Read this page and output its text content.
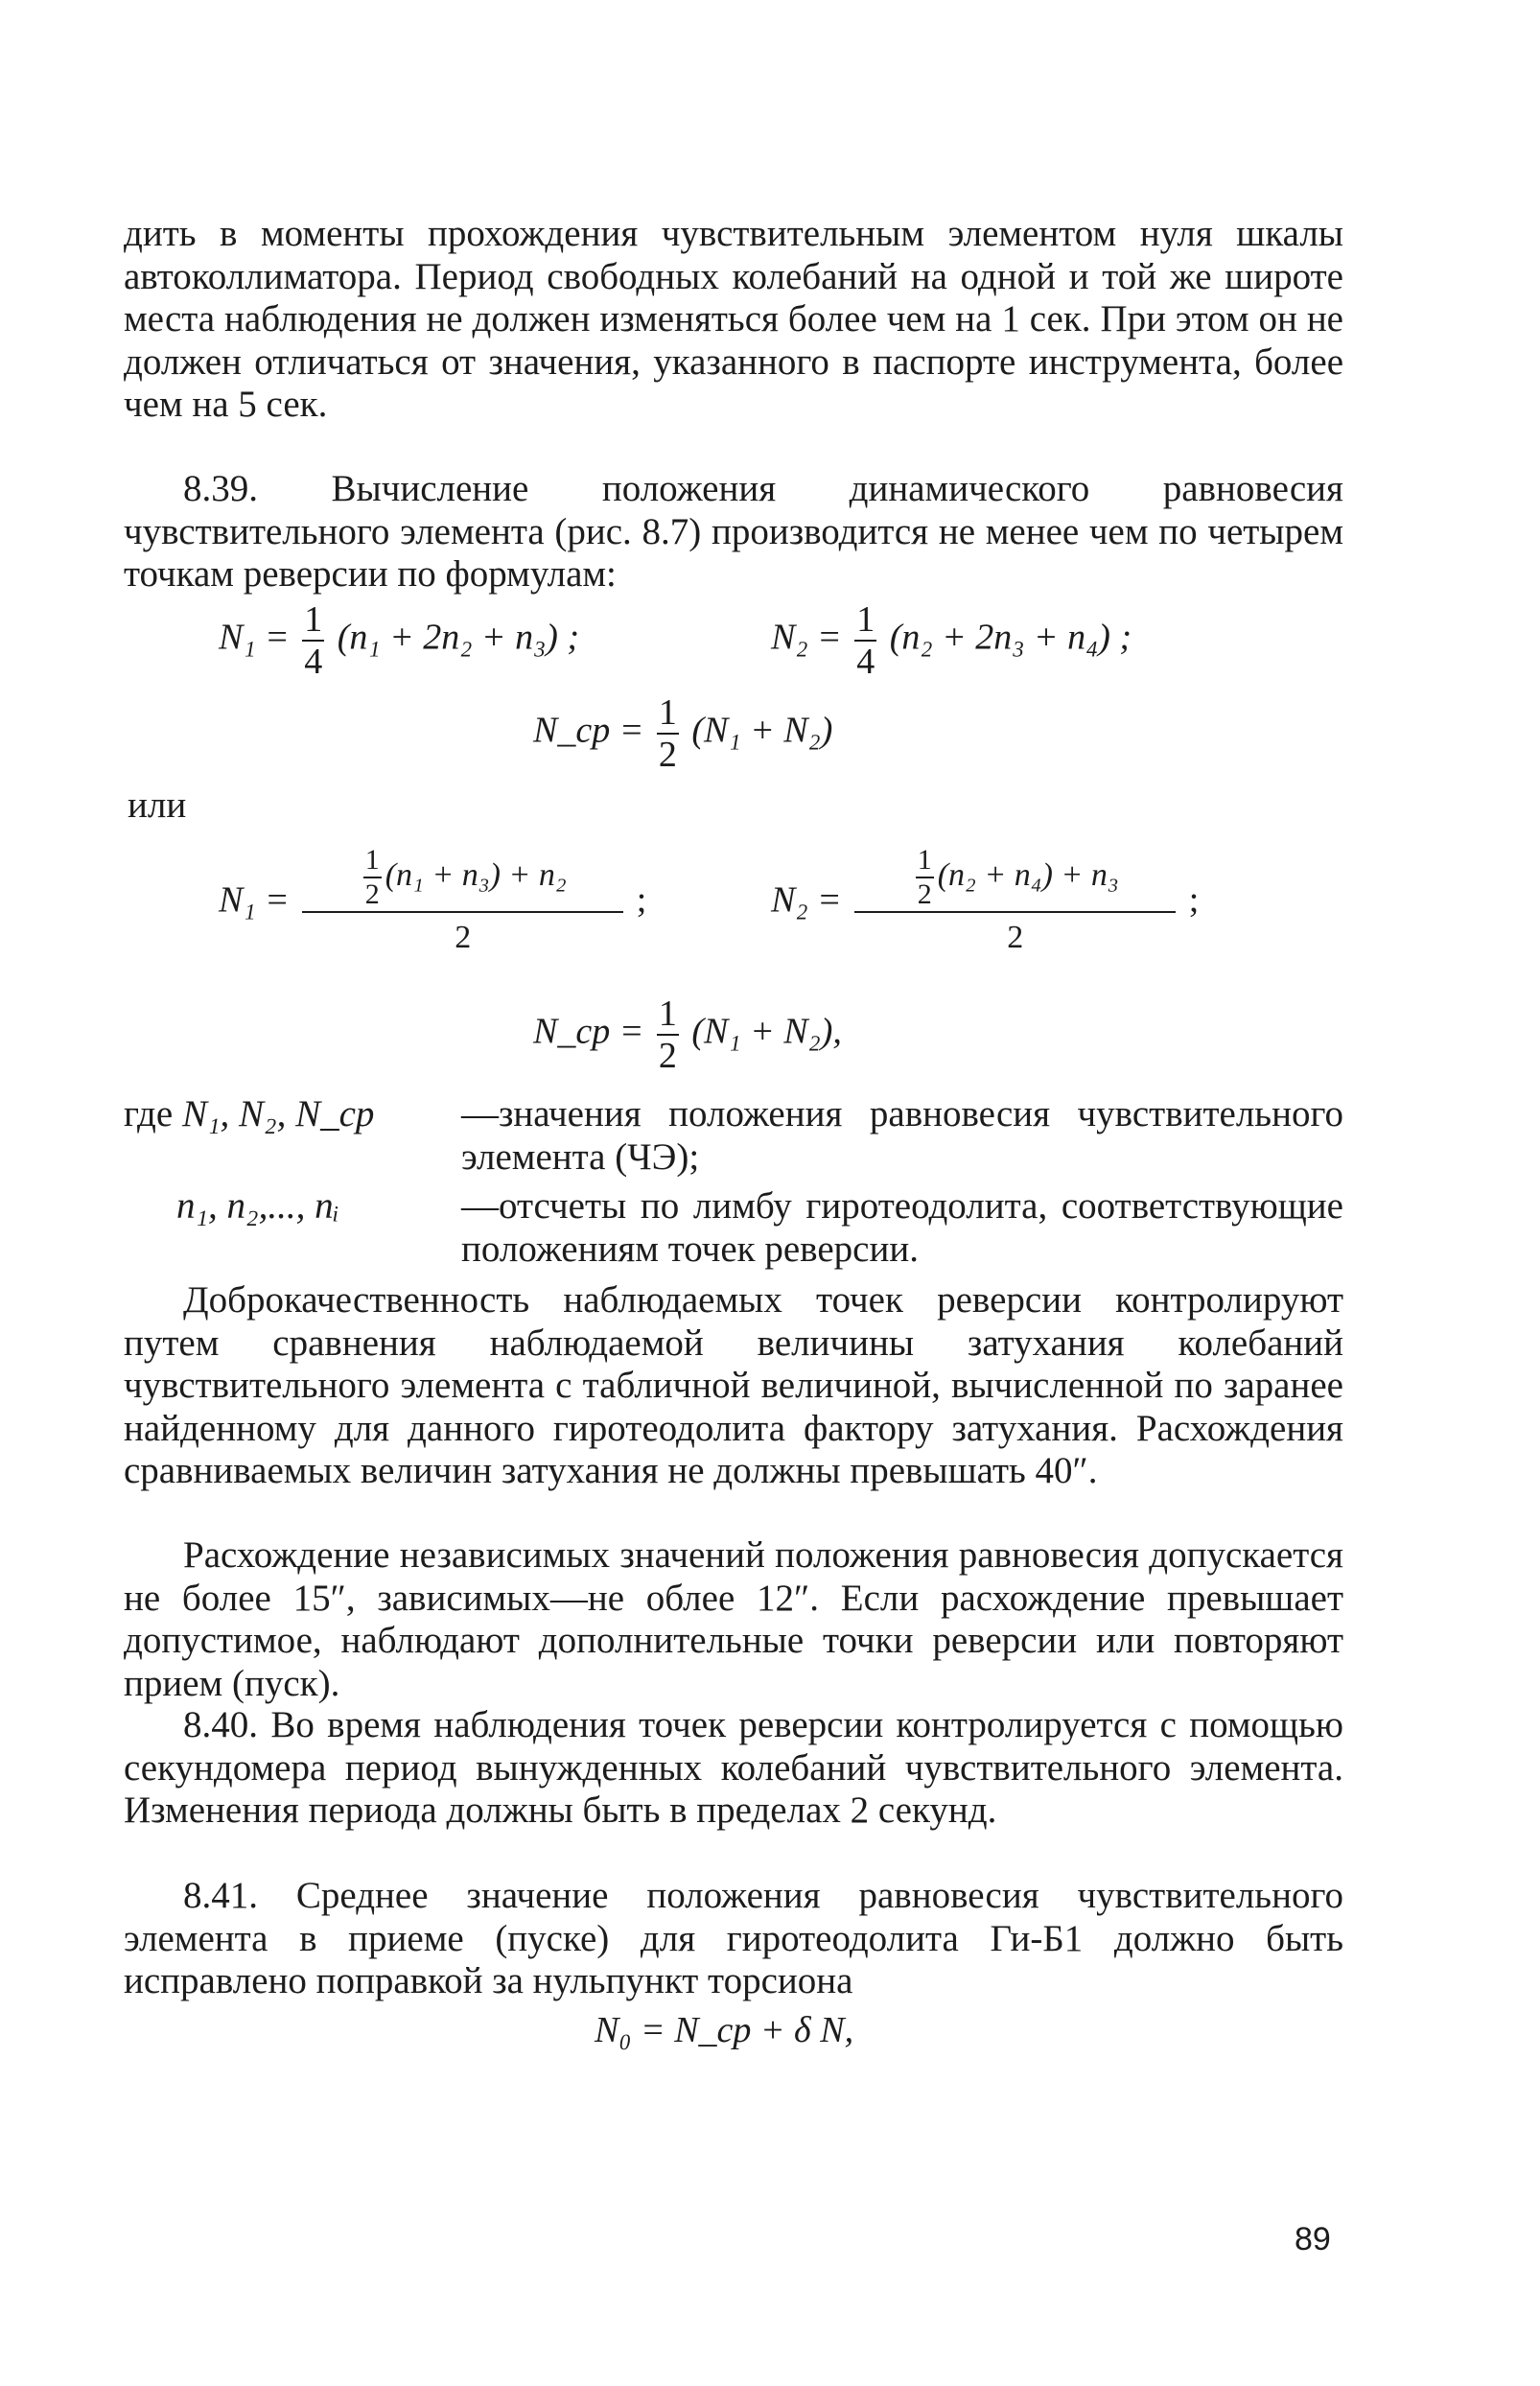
дить в моменты прохождения чувствительным элементом нуля шкалы автоколлиматора. Период свободных колебаний на одной и той же широте места наблюдения не должен изменяться более чем на 1 сек. При этом он не должен отличаться от значения, указанного в паспорте инструмента, более чем на 5 сек.

8.39. Вычисление положения динамического равновесия чувствительного элемента (рис. 8.7) производится не менее чем по четырем точкам реверсии по формулам:

$N_1 = \frac{1}{4} (n_1 + 2n_2 + n_3)$ ;	$N_2 = \frac{1}{4} (n_2 + 2n_3 + n_4)$ ;
N_ср = $\frac{1}{2} (N_1 + N_2)$
или
$N_1 = \frac{\frac{1}{2} (n_1 + n_3) + n_2}{2}$ ;	$N_2 = \frac{\frac{1}{2} (n_2 + n_4) + n_3}{2}$ ;
N_ср = $\frac{1}{2} (N_1 + N_2)$,
где N₁, N₂, N_ср —значения положения равновесия чувствительного элемента (ЧЭ);
n₁, n₂,..., nᵢ	—отсчеты по лимбу гиротеодолита, соответствующие положениям точек реверсии.

Доброкачественность наблюдаемых точек реверсии контролируют путем сравнения наблюдаемой величины затухания колебаний чувствительного элемента с табличной величиной, вычисленной по заранее найденному для данного гиротеодолита фактору затухания. Расхождения сравниваемых величин затухания не должны превышать 40″.

Расхождение независимых значений положения равновесия допускается не более 15″, зависимых—не облее 12″. Если расхождение превышает допустимое, наблюдают дополнительные точки реверсии или повторяют прием (пуск).

8.40. Во время наблюдения точек реверсии контролируется с помощью секундомера период вынужденных колебаний чувствительного элемента. Изменения периода должны быть в пределах 2 секунд.

8.41. Среднее значение положения равновесия чувствительного элемента в приеме (пуске) для гиротеодолита Ги-Б1 должно быть исправлено поправкой за нульпункт торсиона

N₀ = N_ср + δ N,
89
